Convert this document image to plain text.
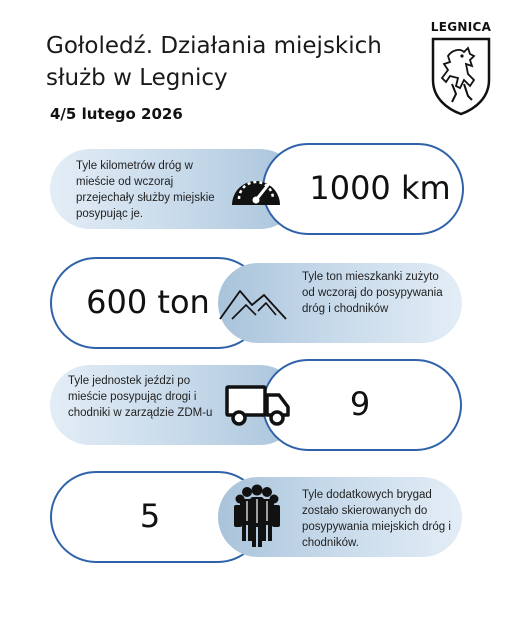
Gołoledź. Działania miejskich służb w Legnicy
4/5 lutego 2026
LEGNICA
Tyle kilometrów dróg w mieście od wczoraj przejechały służby miejskie posypując je.
1000 km
600 ton
Tyle ton mieszkanki zużyto od wczoraj do posypywania dróg i chodników
Tyle jednostek jeździ po mieście posypując drogi i chodniki w zarządzie ZDM-u	9
5
Tyle dodatkowych brygad zostało skierowanych do posypywania miejskich dróg i chodników.
